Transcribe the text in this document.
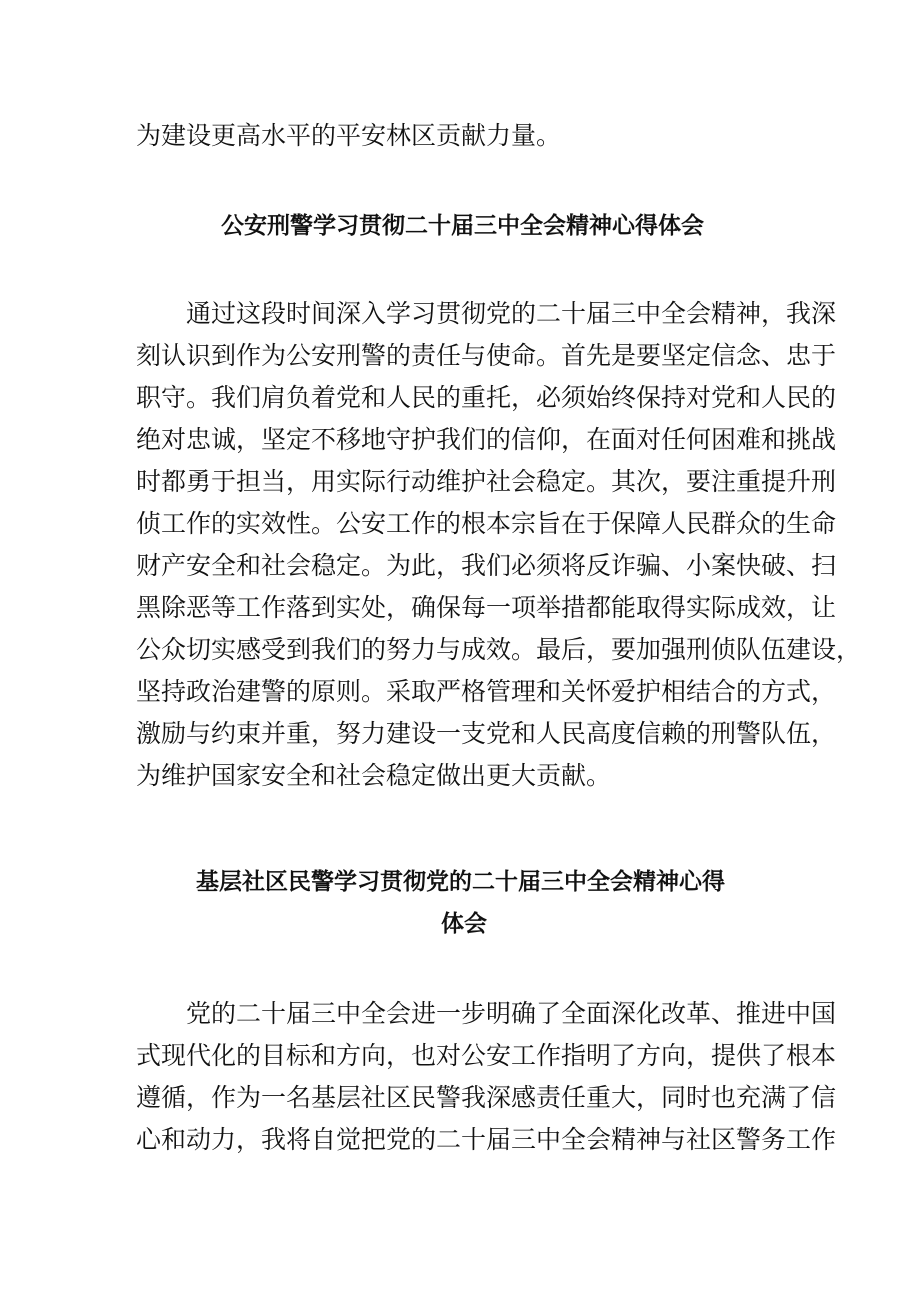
为建设更高水平的平安林区贡献力量。
公安刑警学习贯彻二十届三中全会精神心得体会
通过这段时间深入学习贯彻党的二十届三中全会精神，我深
刻认识到作为公安刑警的责任与使命。首先是要坚定信念、忠于
职守。我们肩负着党和人民的重托，必须始终保持对党和人民的
绝对忠诚，坚定不移地守护我们的信仰，在面对任何困难和挑战
时都勇于担当，用实际行动维护社会稳定。其次，要注重提升刑
侦工作的实效性。公安工作的根本宗旨在于保障人民群众的生命
财产安全和社会稳定。为此，我们必须将反诈骗、小案快破、扫
黑除恶等工作落到实处，确保每一项举措都能取得实际成效，让
公众切实感受到我们的努力与成效。最后，要加强刑侦队伍建设，
坚持政治建警的原则。采取严格管理和关怀爱护相结合的方式，
激励与约束并重，努力建设一支党和人民高度信赖的刑警队伍，
为维护国家安全和社会稳定做出更大贡献。
基层社区民警学习贯彻党的二十届三中全会精神心得
体会
党的二十届三中全会进一步明确了全面深化改革、推进中国
式现代化的目标和方向，也对公安工作指明了方向，提供了根本
遵循，作为一名基层社区民警我深感责任重大，同时也充满了信
心和动力，我将自觉把党的二十届三中全会精神与社区警务工作
